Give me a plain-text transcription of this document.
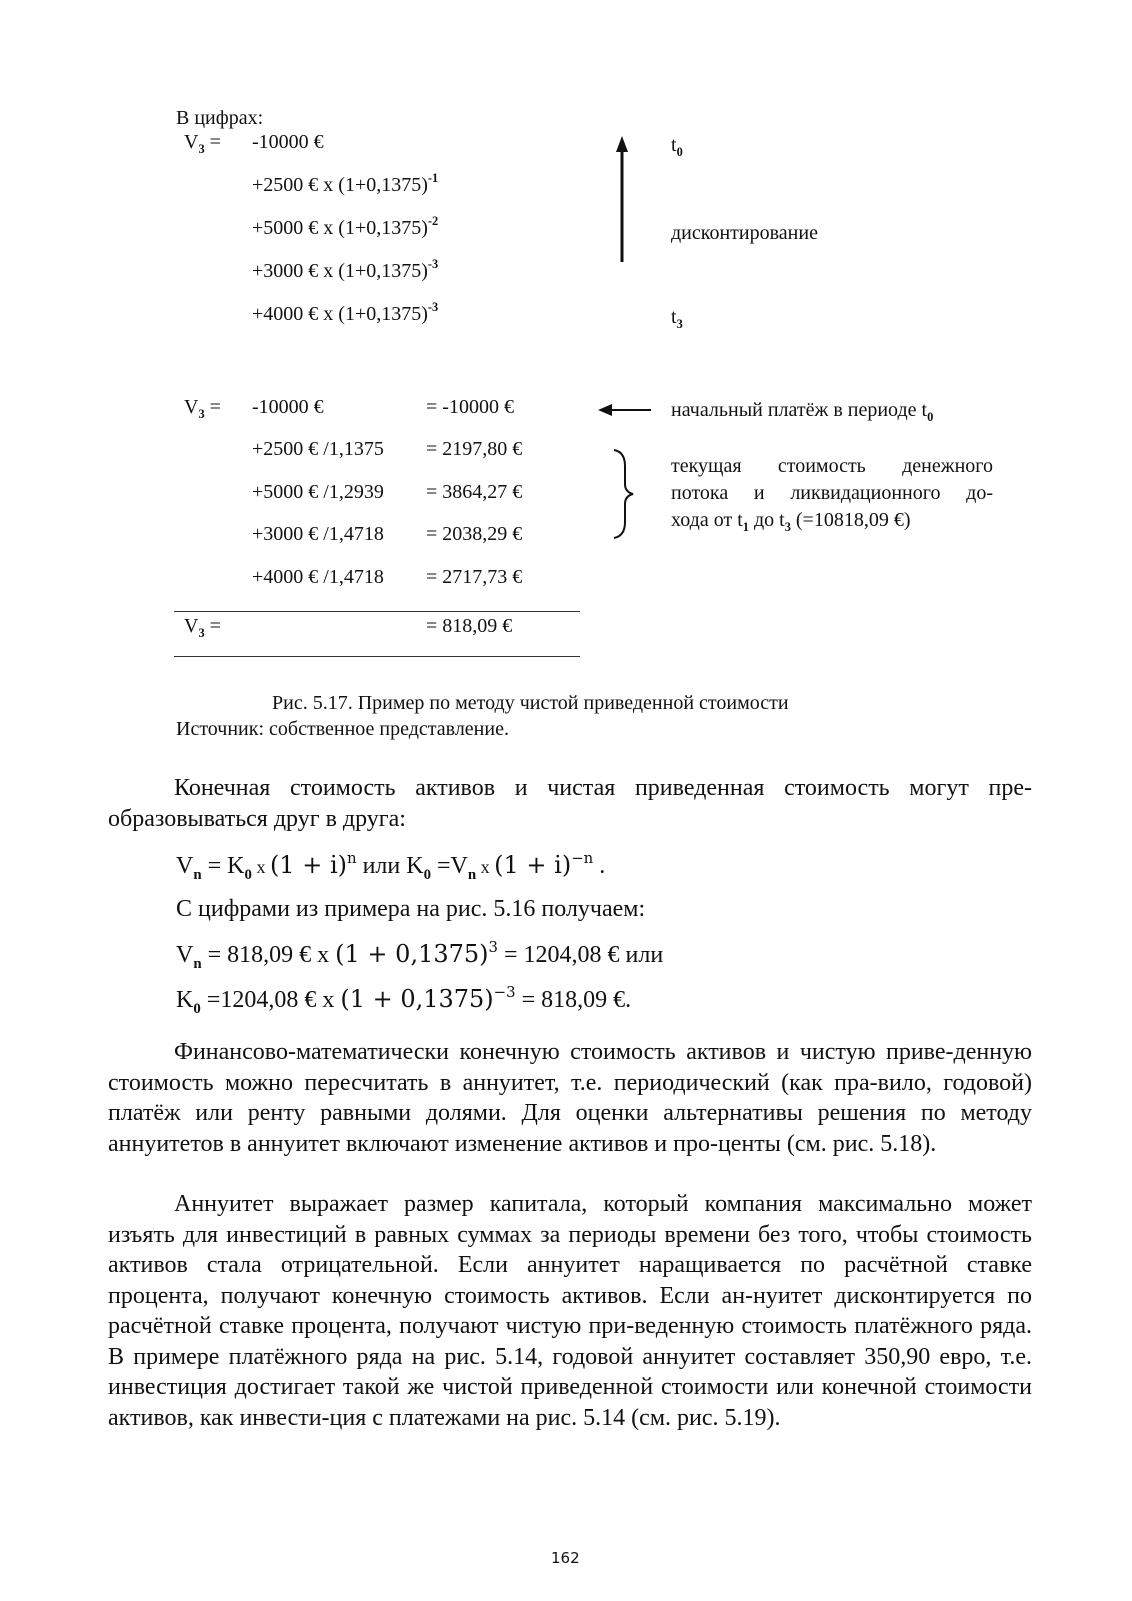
В цифрах:
$V_3 = -10000$ €
+2500 € x $(1+0,1375)^{-1}$
+5000 € x $(1+0,1375)^{-2}$
+3000 € x $(1+0,1375)^{-3}$
+4000 € x $(1+0,1375)^{-3}$
$t_0$
дисконтирование
$t_3$
$V_3 = -10000$ €	= -10000 €
+2500 € /1,1375 = 2197,80 €
+5000 € /1,2939 = 3864,27 €
+3000 € /1,4718 = 2038,29 €
+4000 € /1,4718 = 2717,73 €
$V_3$ =	= 818,09 €
начальный платёж в периоде $t_0$
текущая стоимость денежного
потока и ликвидационного до-
хода от $t_1$ до $t_3$ (=10818,09 €)
Рис. 5.17. Пример по методу чистой приведенной стоимости
Источник: собственное представление.

Конечная стоимость активов и чистая приведенная стоимость могут пре-

образовываться друг в друга:
$V_n = K_0$ x $(1 + i)^n$ или $K_0 =V_n$ x $(1 + i)^{-n}$ .
С цифрами из примера на рис. 5.16 получаем:
$V_n = 818,09$ € x $(1 + 0,1375)^3 = 1204,08$ € или
$K_0 =1204,08$ € x $(1 + 0,1375)^{-3} = 818,09$ €.

Финансово-математически конечную стоимость активов и чистую приве-денную стоимость можно пересчитать в аннуитет, т.е. периодический (как пра-вило, годовой) платёж или ренту равными долями. Для оценки альтернативы решения по методу аннуитетов в аннуитет включают изменение активов и про-центы (см. рис. 5.18).

Аннуитет выражает размер капитала, который компания максимально может изъять для инвестиций в равных суммах за периоды времени без того, чтобы стоимость активов стала отрицательной. Если аннуитет наращивается по расчётной ставке процента, получают конечную стоимость активов. Если ан-нуитет дисконтируется по расчётной ставке процента, получают чистую при-веденную стоимость платёжного ряда. В примере платёжного ряда на рис. 5.14, годовой аннуитет составляет 350,90 евро, т.е. инвестиция достигает такой же чистой приведенной стоимости или конечной стоимости активов, как инвести-ция с платежами на рис. 5.14 (см. рис. 5.19).

162
